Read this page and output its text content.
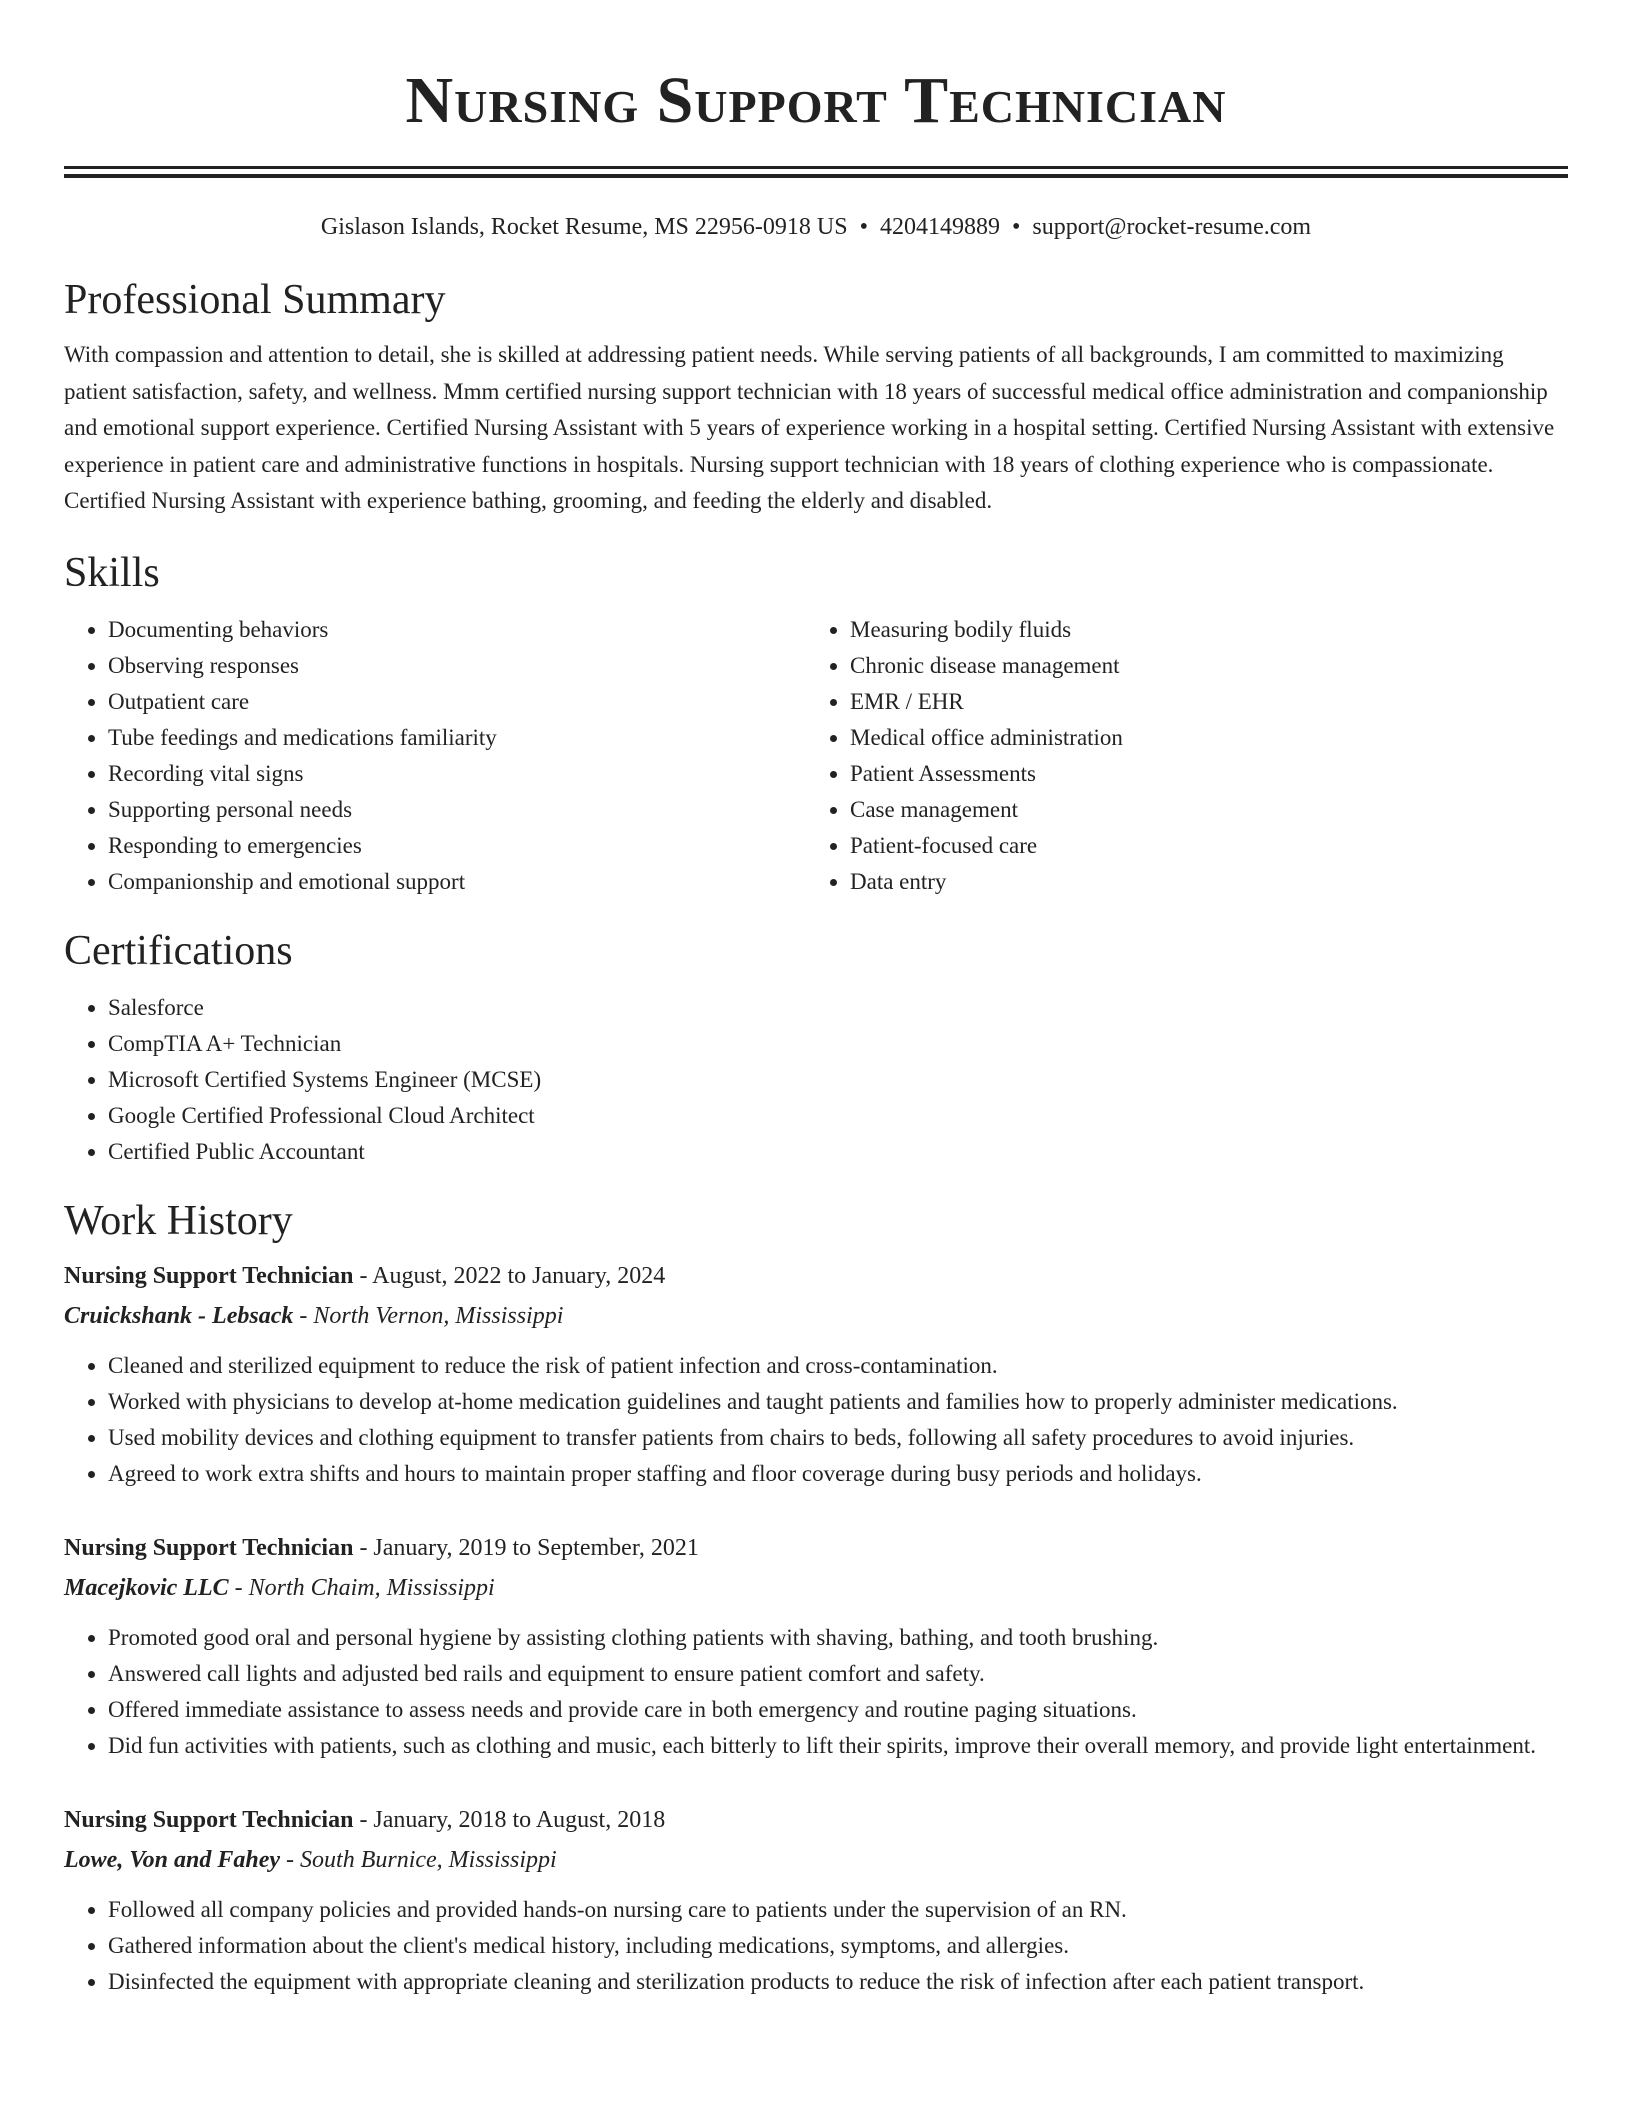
Nursing Support Technician
Gislason Islands, Rocket Resume, MS 22956-0918 US • 4204149889 • support@rocket-resume.com
Professional Summary

With compassion and attention to detail, she is skilled at addressing patient needs. While serving patients of all backgrounds, I am committed to maximizing patient satisfaction, safety, and wellness. Mmm certified nursing support technician with 18 years of successful medical office administration and companionship and emotional support experience. Certified Nursing Assistant with 5 years of experience working in a hospital setting. Certified Nursing Assistant with extensive experience in patient care and administrative functions in hospitals. Nursing support technician with 18 years of clothing experience who is compassionate. Certified Nursing Assistant with experience bathing, grooming, and feeding the elderly and disabled.

Skills
• Documenting behaviors
• Observing responses
• Outpatient care
• Tube feedings and medications familiarity
• Recording vital signs
• Supporting personal needs
• Responding to emergencies
• Companionship and emotional support
• Measuring bodily fluids
• Chronic disease management
• EMR / EHR
• Medical office administration
• Patient Assessments
• Case management
• Patient-focused care
• Data entry
Certifications
• Salesforce
• CompTIA A+ Technician
• Microsoft Certified Systems Engineer (MCSE)
• Google Certified Professional Cloud Architect
• Certified Public Accountant
Work History
Nursing Support Technician - August, 2022 to January, 2024
Cruickshank - Lebsack - North Vernon, Mississippi
• Cleaned and sterilized equipment to reduce the risk of patient infection and cross-contamination.
• Worked with physicians to develop at-home medication guidelines and taught patients and families how to properly administer medications.
• Used mobility devices and clothing equipment to transfer patients from chairs to beds, following all safety procedures to avoid injuries.
• Agreed to work extra shifts and hours to maintain proper staffing and floor coverage during busy periods and holidays.
Nursing Support Technician - January, 2019 to September, 2021
Macejkovic LLC - North Chaim, Mississippi
• Promoted good oral and personal hygiene by assisting clothing patients with shaving, bathing, and tooth brushing.
• Answered call lights and adjusted bed rails and equipment to ensure patient comfort and safety.
• Offered immediate assistance to assess needs and provide care in both emergency and routine paging situations.
• Did fun activities with patients, such as clothing and music, each bitterly to lift their spirits, improve their overall memory, and provide light entertainment.
Nursing Support Technician - January, 2018 to August, 2018
Lowe, Von and Fahey - South Burnice, Mississippi
• Followed all company policies and provided hands-on nursing care to patients under the supervision of an RN.
• Gathered information about the client's medical history, including medications, symptoms, and allergies.
• Disinfected the equipment with appropriate cleaning and sterilization products to reduce the risk of infection after each patient transport.
